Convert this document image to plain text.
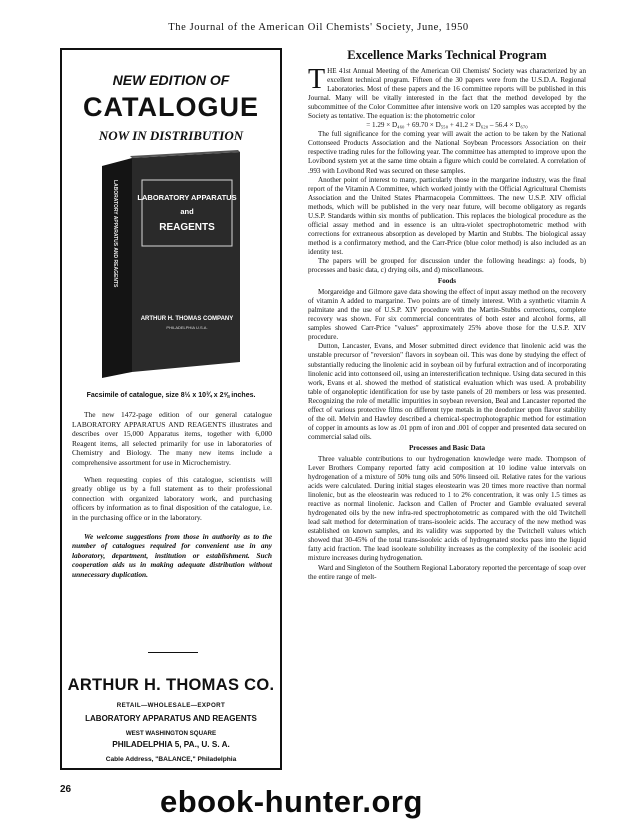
The Journal of the American Oil Chemists' Society, June, 1950
NEW EDITION OF
CATALOGUE
NOW IN DISTRIBUTION
LABORATORY APPARATUS
and
REAGENTS
ARTHUR H. THOMAS COMPANY
PHILADELPHIA U.S.A.
LABORATORY APPARATUS AND REAGENTS
Facsimile of catalogue, size 8½ x 10¾ x 2⅝ inches.

The new 1472-page edition of our general catalogue LABORATORY APPARATUS AND REAGENTS illustrates and describes over 15,000 Apparatus items, together with 6,000 Reagent items, all selected primarily for use in laboratories of Chemistry and Biology. The many new items include a comprehensive assortment for use in Microchemistry.

When requesting copies of this catalogue, scientists will greatly oblige us by a full statement as to their professional connection with organized laboratory work, and purchasing officers by information as to final disposition of the catalogue, i.e. in the purchasing office or in the laboratory.

We welcome suggestions from those in authority as to the number of catalogues required for convenient use in any laboratory, department, institution or establishment. Such cooperation aids us in making adequate distribution without unnecessary duplication.

ARTHUR H. THOMAS CO.
RETAIL—WHOLESALE—EXPORT
LABORATORY APPARATUS AND REAGENTS
WEST WASHINGTON SQUARE
PHILADELPHIA 5, PA., U. S. A.
Cable Address, "BALANCE," Philadelphia
Excellence Marks Technical Program

THE 41st Annual Meeting of the American Oil Chemists' Society was characterized by an excellent technical program. Fifteen of the 30 papers were from the U.S.D.A. Regional Laboratories. Most of these papers and the 16 committee reports will be published in this Journal. Many will be vitally interested in the fact that the method developed by the subcommittee of the Color Committee after intensive work on 120 samples was accepted by the Society as tentative. The equation is: the photometric color

= 1.29 × D₄₆₀ + 69.70 × D₅₅₀ + 41.2 × D₆₂₀ – 56.4 × D₆₇₀

The full significance for the coming year will await the action to be taken by the National Cottonseed Products Association and the National Soybean Processors Association on their respective trading rules for the following year. The committee has attempted to improve upon the Lovibond system yet at the same time obtain a figure which could be correlated. A correlation of .993 with Lovibond Red was secured on these samples.

Another point of interest to many, particularly those in the margarine industry, was the final report of the Vitamin A Committee, which worked jointly with the Official Agricultural Chemists Association and the United States Pharmacopeia Committees. The new U.S.P. XIV official methods, which will be published in the very near future, will become obligatory as regards U.S.P. Standards within six months of publication. This replaces the biological procedure as the official assay method and in essence is an ultra-violet spectrophotometric method with corrections for extraneous absorption as developed by Martin and Stubbs. The biological assay method is a confirmatory method, and the Carr-Price (blue color method) is also included as an identity test.

The papers will be grouped for discussion under the following headings: a) foods, b) processes and basic data, c) drying oils, and d) miscellaneous.

Foods

Morgareidge and Gilmore gave data showing the effect of input assay method on the recovery of vitamin A added to margarine. Two points are of timely interest. With a synthetic vitamin A palmitate and the use of U.S.P. XIV procedure with the Martin-Stubbs corrections, complete recovery was shown. For six commercial concentrates of both ester and alcohol forms, all samples showed Carr-Price "values" approximately 25% above those for the U.S.P. XIV procedure.

Dutton, Lancaster, Evans, and Moser submitted direct evidence that linolenic acid was the unstable precursor of "reversion" flavors in soybean oil. This was done by studying the effect of substantially reducing the linolenic acid in soybean oil by furfural extraction and of incorporating linolenic acid into cottonseed oil, using an interesterification technique. Using data secured in this work, Evans et al. showed the method of statistical evaluation which was used. A probability table of organoleptic identification for use by taste panels of 20 members or less was presented. Recognizing the role of metallic impurities in soybean reversion, Beal and Lancaster reported the effect of various protective films on different type metals in the deodorizer upon flavor stability of the oil. Melvin and Hawley described a chemical-spectrophotographic method for estimation of copper in amounts as low as .01 ppm of iron and .001 of copper and presented data secured on commercial salad oils.

Processes and Basic Data

Three valuable contributions to our hydrogenation knowledge were made. Thompson of Lever Brothers Company reported fatty acid composition at 10 iodine value intervals on hydrogenation of a mixture of 50% tung oils and 50% linseed oil. Relative rates for the various acids were calculated. During initial stages eleostearin was 20 times more reactive than normal linolenic, but as the eleostearin was reduced to 1 to 2% concentration, it was only 1.5 times as reactive as normal linolenic. Jackson and Callen of Procter and Gamble evaluated several hydrogenated oils by the new infra-red spectrophotometric as compared with the old Twitchell lead salt method for determination of trans-isooleic acids. The accuracy of the new method was established on known samples, and its validity was supported by the Twitchell values which showed that 30-45% of the total trans-isooleic acids of hydrogenated stocks pass into the liquid fatty acid fraction. The lead isooleate solubility increases as the complexity of the isooleic acid mixture increases during hydrogenation.

Ward and Singleton of the Southern Regional Laboratory reported the percentage of soap over the entire range of melt-

26	ebook-hunter.org
